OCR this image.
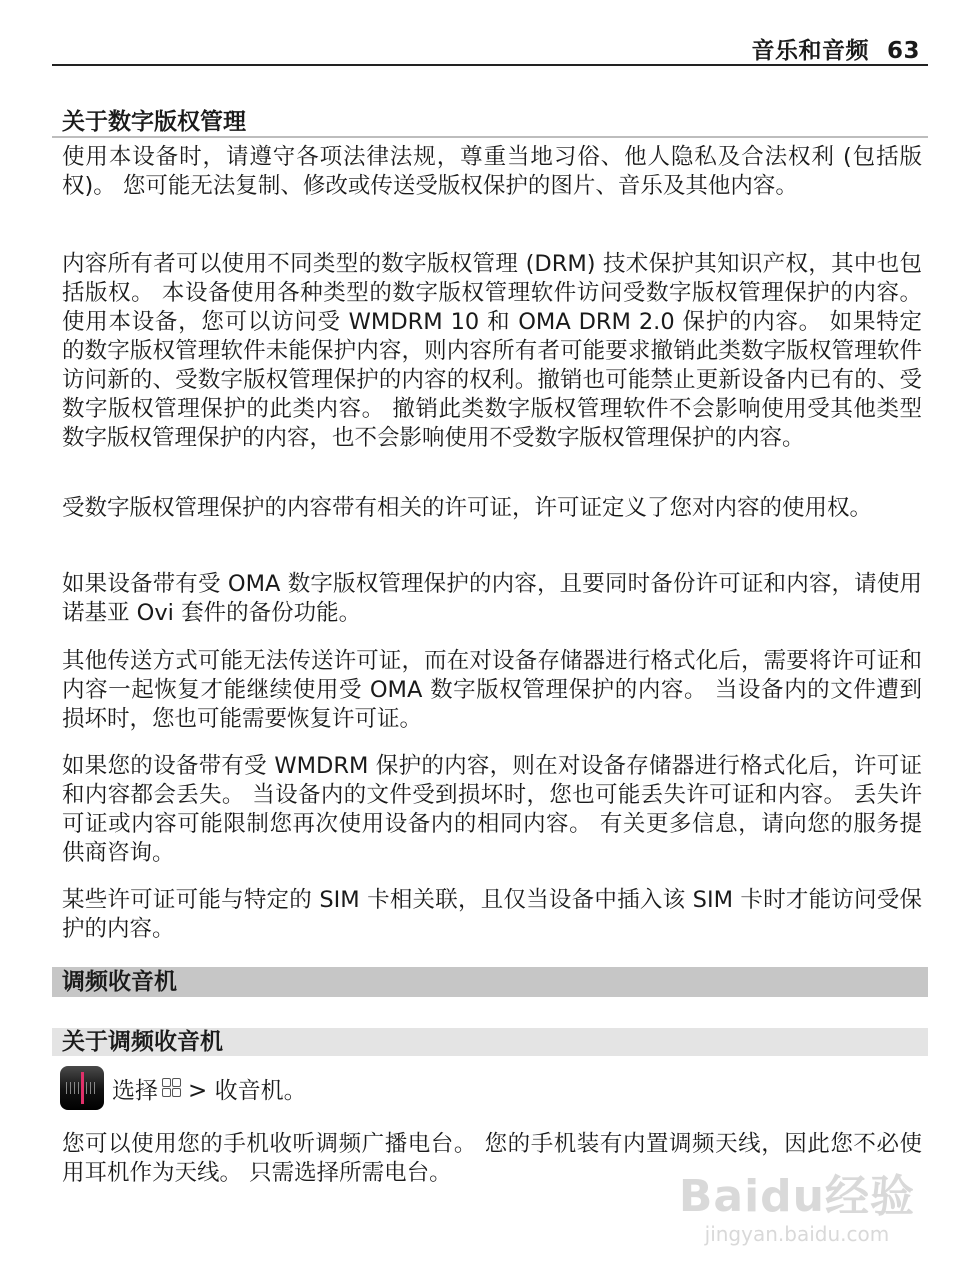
音乐和音频 63
关于数字版权管理

使用本设备时，请遵守各项法律法规，尊重当地习俗、他人隐私及合法权利 (包括版权)。 您可能无法复制、修改或传送受版权保护的图片、音乐及其他内容。

内容所有者可以使用不同类型的数字版权管理 (DRM) 技术保护其知识产权，其中也包括版权。 本设备使用各种类型的数字版权管理软件访问受数字版权管理保护的内容。 使用本设备，您可以访问受 WMDRM 10 和 OMA DRM 2.0 保护的内容。 如果特定的数字版权管理软件未能保护内容，则内容所有者可能要求撤销此类数字版权管理软件访问新的、受数字版权管理保护的内容的权利。撤销也可能禁止更新设备内已有的、受数字版权管理保护的此类内容。 撤销此类数字版权管理软件不会影响使用受其他类型数字版权管理保护的内容，也不会影响使用不受数字版权管理保护的内容。

受数字版权管理保护的内容带有相关的许可证，许可证定义了您对内容的使用权。

如果设备带有受 OMA 数字版权管理保护的内容，且要同时备份许可证和内容，请使用诺基亚 Ovi 套件的备份功能。

其他传送方式可能无法传送许可证，而在对设备存储器进行格式化后，需要将许可证和内容一起恢复才能继续使用受 OMA 数字版权管理保护的内容。 当设备内的文件遭到损坏时，您也可能需要恢复许可证。

如果您的设备带有受 WMDRM 保护的内容，则在对设备存储器进行格式化后，许可证和内容都会丢失。 当设备内的文件受到损坏时，您也可能丢失许可证和内容。 丢失许可证或内容可能限制您再次使用设备内的相同内容。 有关更多信息，请向您的服务提供商咨询。

某些许可证可能与特定的 SIM 卡相关联，且仅当设备中插入该 SIM 卡时才能访问受保护的内容。

调频收音机
关于调频收音机
选择 > 收音机。

您可以使用您的手机收听调频广播电台。 您的手机装有内置调频天线，因此您不必使用耳机作为天线。 只需选择所需电台。	Baidu经验
jingyan.baidu.com
